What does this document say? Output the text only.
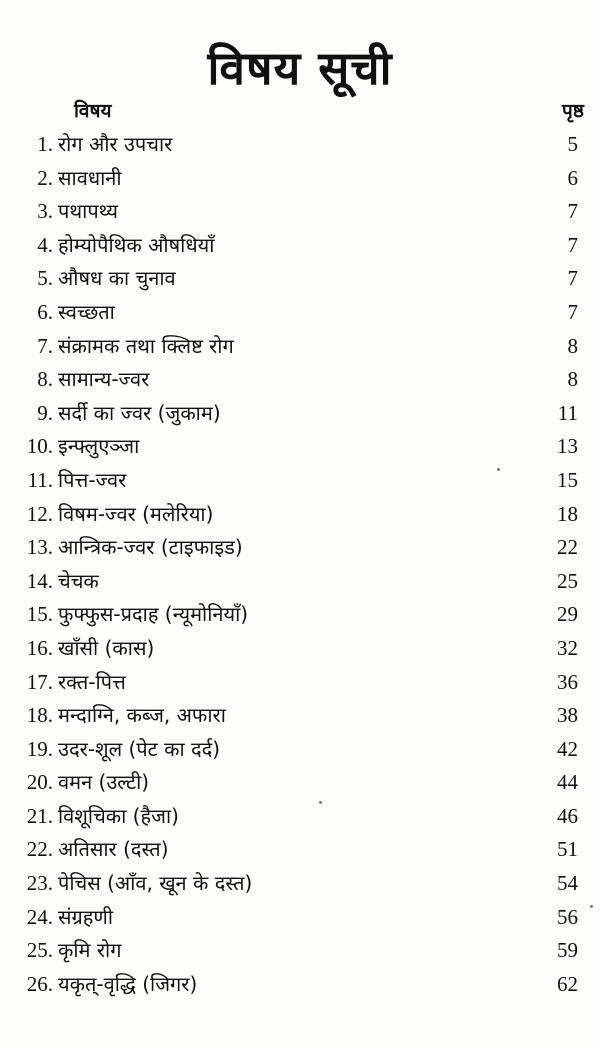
विषय सूची
विषय	पृष्ठ
1. रोग और उपचार	5
2. सावधानी	6
3. पथापथ्य	7
4. होम्योपैथिक औषधियाँ	7
5. औषध का चुनाव	7
6. स्वच्छता	7
7. संक्रामक तथा क्लिष्ट रोग	8
8. सामान्य-ज्वर	8
9. सर्दी का ज्वर (जुकाम)	11
10. इन्फ्लुएञ्जा	13
11. पित्त-ज्वर	15
12. विषम-ज्वर (मलेरिया)	18
13. आन्त्रिक-ज्वर (टाइफाइड)	22
14. चेचक	25
15. फुफ्फुस-प्रदाह (न्यूमोनियाँ)	29
16. खाँसी (कास)	32
17. रक्त-पित्त	36
18. मन्दाग्नि, कब्ज, अफारा	38
19. उदर-शूल (पेट का दर्द)	42
20. वमन (उल्टी)	44
21. विशूचिका (हैजा)	46
22. अतिसार (दस्त)	51
23. पेचिस (आँव, खून के दस्त)	54
24. संग्रहणी	56
25. कृमि रोग	59
26. यकृत्-वृद्धि (जिगर)	62
